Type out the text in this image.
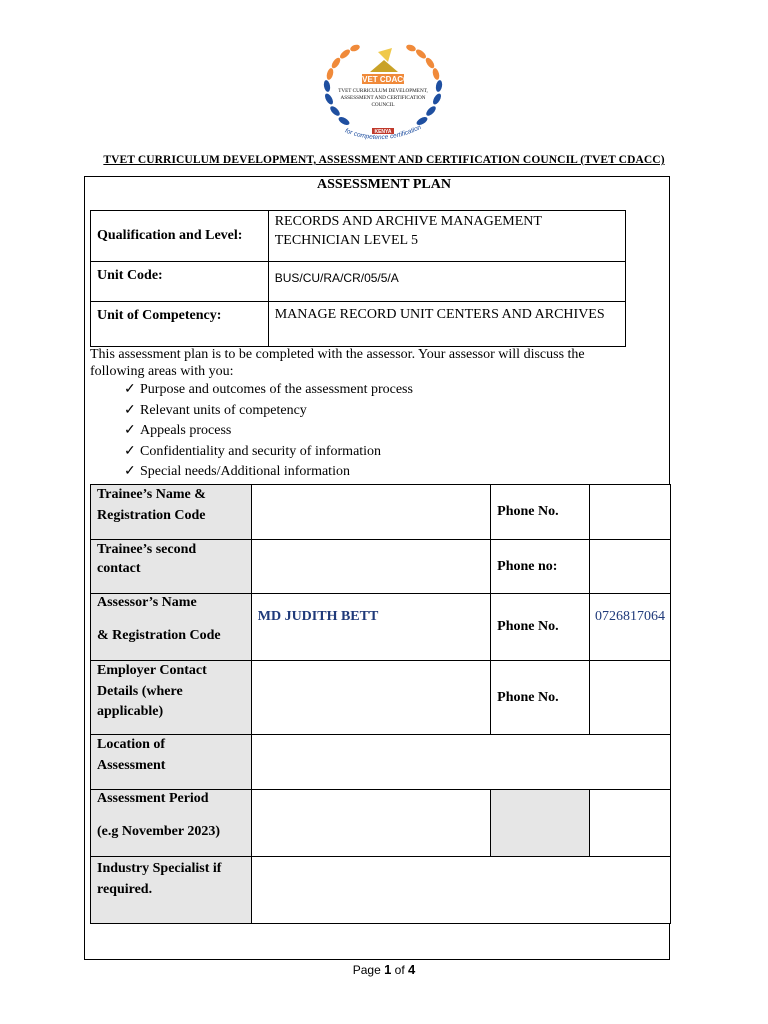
TVET CDACC
TVET CURRICULUM DEVELOPMENT,
ASSESSMENT AND CERTIFICATION
COUNCIL
KENYA
for competence certification
TVET CURRICULUM DEVELOPMENT, ASSESSMENT AND CERTIFICATION COUNCIL (TVET CDACC)
ASSESSMENT PLAN
Qualification and Level:	RECORDS AND ARCHIVE MANAGEMENT TECHNICIAN LEVEL 5
Unit Code:	BUS/CU/RA/CR/05/5/A
Unit of Competency:	MANAGE RECORD UNIT CENTERS AND ARCHIVES
This assessment plan is to be completed with the assessor. Your assessor will discuss the following areas with you:
✓ Purpose and outcomes of the assessment process
✓ Relevant units of competency
✓ Appeals process
✓ Confidentiality and security of information
✓ Special needs/Additional information
Trainee’s Name &
Registration Code		Phone No.	

Trainee’s second
contact		Phone no:	

Assessor’s Name
& Registration Code	MD JUDITH BETT	Phone No.	0726817064

Employer Contact
Details (where
applicable)		Phone No.	

Location of
Assessment			

Assessment Period
(e.g November 2023)			

Industry Specialist if
required.			

Page 1 of 4
